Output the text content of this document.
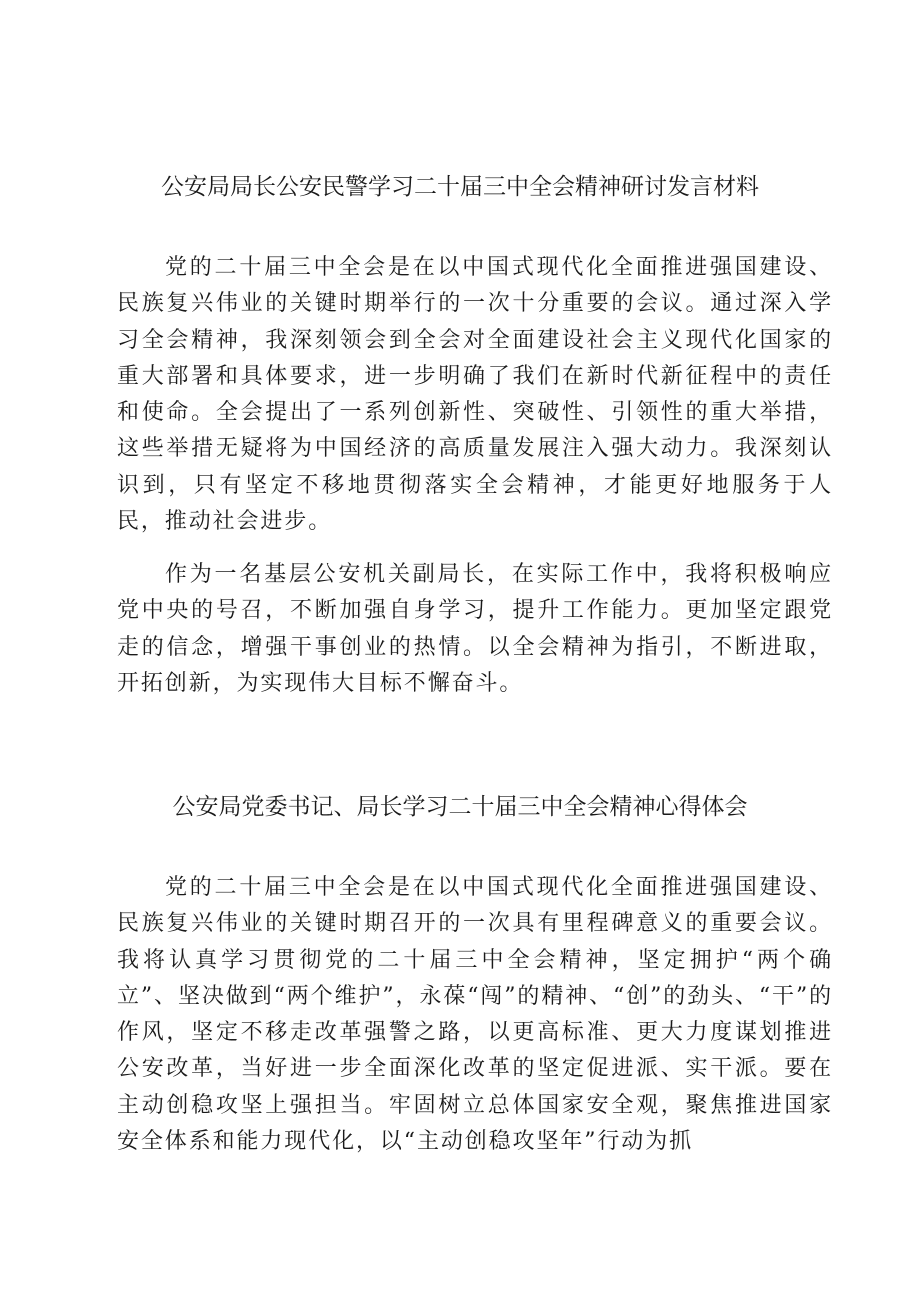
公安局局长公安民警学习二十届三中全会精神研讨发言材料

党的二十届三中全会是在以中国式现代化全面推进强国建设、民族复兴伟业的关键时期举行的一次十分重要的会议。通过深入学习全会精神，我深刻领会到全会对全面建设社会主义现代化国家的重大部署和具体要求，进一步明确了我们在新时代新征程中的责任和使命。全会提出了一系列创新性、突破性、引领性的重大举措，这些举措无疑将为中国经济的高质量发展注入强大动力。我深刻认识到，只有坚定不移地贯彻落实全会精神，才能更好地服务于人民，推动社会进步。

作为一名基层公安机关副局长，在实际工作中，我将积极响应党中央的号召，不断加强自身学习，提升工作能力。更加坚定跟党走的信念，增强干事创业的热情。以全会精神为指引，不断进取，开拓创新，为实现伟大目标不懈奋斗。

公安局党委书记、局长学习二十届三中全会精神心得体会

党的二十届三中全会是在以中国式现代化全面推进强国建设、民族复兴伟业的关键时期召开的一次具有里程碑意义的重要会议。我将认真学习贯彻党的二十届三中全会精神，坚定拥护“两个确立”、坚决做到“两个维护”，永葆“闯”的精神、“创”的劲头、“干”的作风，坚定不移走改革强警之路，以更高标准、更大力度谋划推进公安改革，当好进一步全面深化改革的坚定促进派、实干派。要在主动创稳攻坚上强担当。牢固树立总体国家安全观，聚焦推进国家安全体系和能力现代化，以“主动创稳攻坚年”行动为抓
